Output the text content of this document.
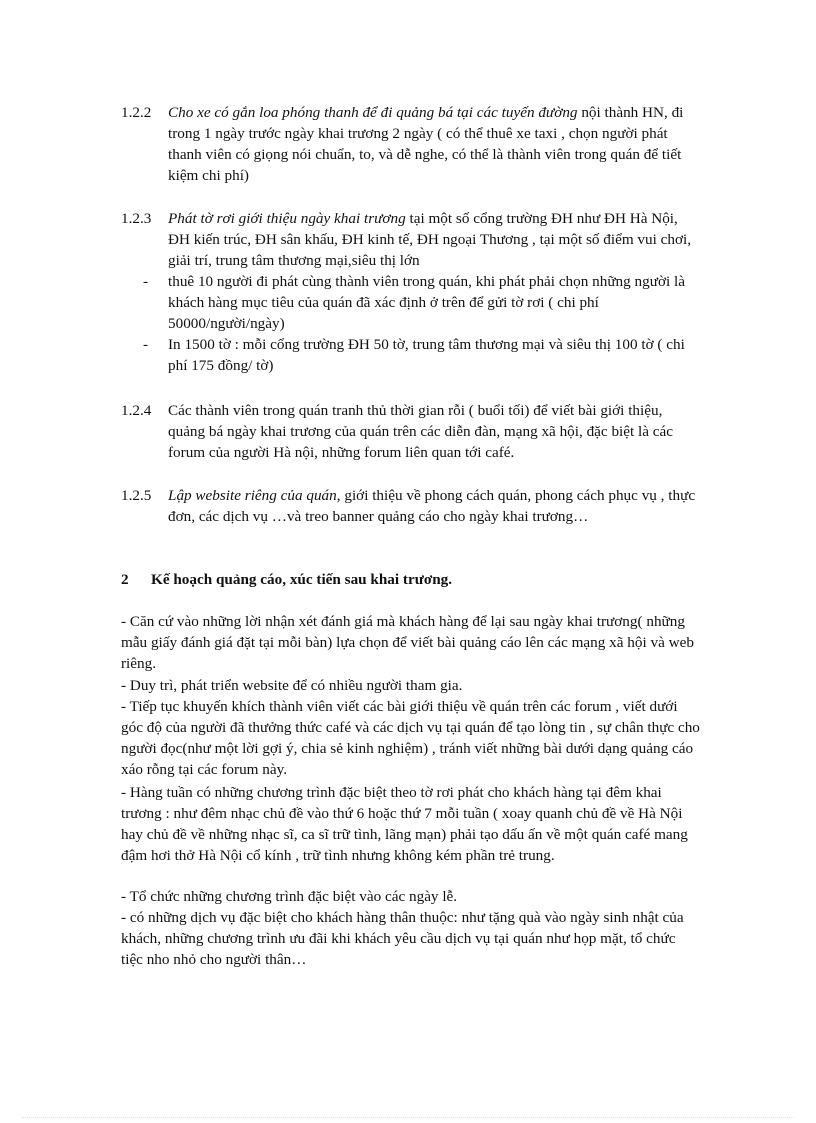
1.2.2	Cho xe có gắn loa phóng thanh để đi quảng bá tại các tuyến đường nội thành HN, đi trong 1 ngày trước ngày khai trương 2 ngày ( có thể thuê xe taxi , chọn người phát thanh viên có giọng nói chuẩn, to, và dễ nghe, có thể là thành viên trong quán để tiết kiệm chi phí)
1.2.3	Phát tờ rơi giới thiệu ngày khai trương tại một số cổng trường ĐH như ĐH Hà Nội, ĐH kiến trúc, ĐH sân khấu, ĐH kinh tế, ĐH ngoại Thương , tại một số điểm vui chơi, giải trí, trung tâm thương mại,siêu thị lớn
- thuê 10 người đi phát cùng thành viên trong quán, khi phát phải chọn những người là khách hàng mục tiêu của quán đã xác định ở trên để gửi tờ rơi ( chi phí 50000/người/ngày)
- In 1500 tờ : mỗi cổng trường ĐH 50 tờ, trung tâm thương mại và siêu thị 100 tờ ( chi phí 175 đồng/ tờ)
1.2.4	Các thành viên trong quán tranh thủ thời gian rỗi ( buổi tối) để viết bài giới thiệu, quảng bá ngày khai trương của quán trên các diễn đàn, mạng xã hội, đặc biệt là các forum của người Hà nội, những forum liên quan tới café.
1.2.5	Lập website riêng của quán, giới thiệu về phong cách quán, phong cách phục vụ , thực đơn, các dịch vụ …và treo banner quảng cáo cho ngày khai trương…
2 Kế hoạch quảng cáo, xúc tiến sau khai trương.
- Căn cứ vào những lời nhận xét đánh giá mà khách hàng để lại sau ngày khai trương( những mẫu giấy đánh giá đặt tại mỗi bàn) lựa chọn để viết bài quảng cáo lên các mạng xã hội và web riêng.
- Duy trì, phát triển website để có nhiều người tham gia.
- Tiếp tục khuyến khích thành viên viết các bài giới thiệu về quán trên các forum , viết dưới góc độ của người đã thưởng thức café và các dịch vụ tại quán để tạo lòng tin , sự chân thực cho người đọc(như một lời gợi ý, chia sẻ kinh nghiệm) , tránh viết những bài dưới dạng quảng cáo xáo rỗng tại các forum này.
- Hàng tuần có những chương trình đặc biệt theo tờ rơi phát cho khách hàng tại đêm khai trương : như đêm nhạc chủ đề vào thứ 6 hoặc thứ 7 mỗi tuần ( xoay quanh chủ đề về Hà Nội hay chủ đề về những nhạc sĩ, ca sĩ trữ tình, lãng mạn) phải tạo dấu ấn về một quán café mang đậm hơi thở Hà Nội cổ kính , trữ tình nhưng không kém phần trẻ trung.
- Tổ chức những chương trình đặc biệt vào các ngày lễ.
- có những dịch vụ đặc biệt cho khách hàng thân thuộc: như tặng quà vào ngày sinh nhật của khách, những chương trình ưu đãi khi khách yêu cầu dịch vụ tại quán như họp mặt, tổ chức tiệc nho nhỏ cho người thân…
